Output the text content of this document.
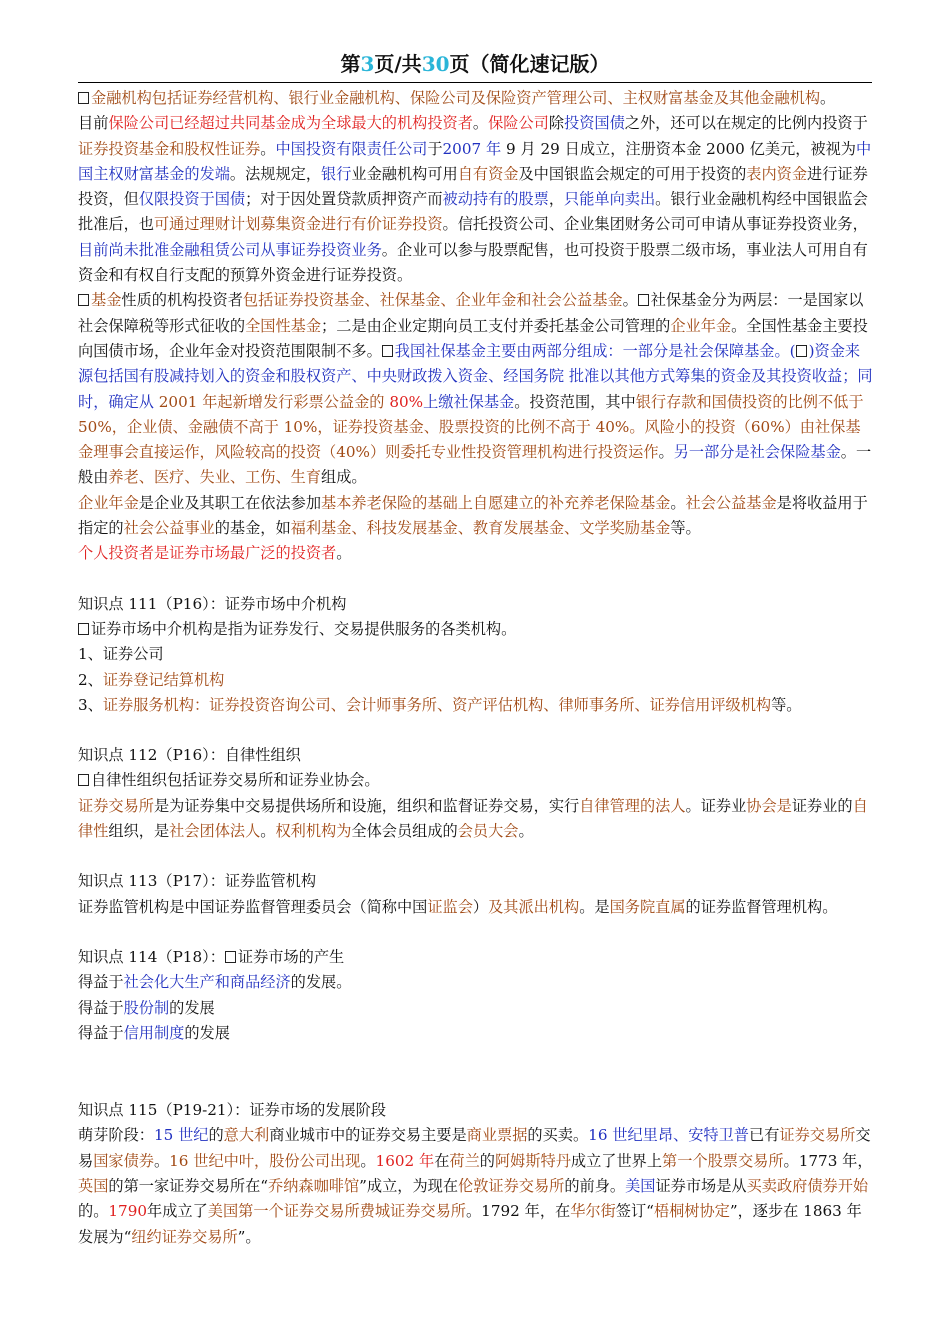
第3页/共30页（简化速记版）

金融机构包括证券经营机构、银行业金融机构、保险公司及保险资产管理公司、主权财富基金及其他金融机构。

目前保险公司已经超过共同基金成为全球最大的机构投资者。保险公司除投资国债之外，还可以在规定的比例内投资于证券投资基金和股权性证券。中国投资有限责任公司于2007 年 9 月 29 日成立，注册资本金 2000 亿美元，被视为中国主权财富基金的发端。法规规定，银行业金融机构可用自有资金及中国银监会规定的可用于投资的表内资金进行证券投资，但仅限投资于国债；对于因处置贷款质押资产而被动持有的股票，只能单向卖出。银行业金融机构经中国银监会批准后，也可通过理财计划募集资金进行有价证券投资。信托投资公司、企业集团财务公司可申请从事证券投资业务，目前尚未批准金融租赁公司从事证券投资业务。企业可以参与股票配售，也可投资于股票二级市场，事业法人可用自有资金和有权自行支配的预算外资金进行证券投资。

基金性质的机构投资者包括证券投资基金、社保基金、企业年金和社会公益基金。 社保基金分为两层：一是国家以社会保障税等形式征收的全国性基金；二是由企业定期向员工支付并委托基金公司管理的企业年金。全国性基金主要投向国债市场，企业年金对投资范围限制不多。 我国社保基金主要由两部分组成：一部分是社会保障基金。( )资金来源包括国有股减持划入的资金和股权资产、中央财政拨入资金、经国务院 批准以其他方式筹集的资金及其投资收益；同时，确定从 2001 年起新增发行彩票公益金的 80%上缴社保基金。投资范围，其中银行存款和国债投资的比例不低于 50%，企业债、金融债不高于 10%，证券投资基金、股票投资的比例不高于 40%。风险小的投资（60%）由社保基金理事会直接运作，风险较高的投资（40%）则委托专业性投资管理机构进行投资运作。另一部分是社会保险基金。一般由养老、医疗、失业、工伤、生育组成。

企业年金是企业及其职工在依法参加基本养老保险的基础上自愿建立的补充养老保险基金。社会公益基金是将收益用于指定的社会公益事业的基金，如福利基金、科技发展基金、教育发展基金、文学奖励基金等。

个人投资者是证券市场最广泛的投资者。

知识点 111（P16）：证券市场中介机构

证券市场中介机构是指为证券发行、交易提供服务的各类机构。

1、证券公司

2、证券登记结算机构

3、证券服务机构：证券投资咨询公司、会计师事务所、资产评估机构、律师事务所、证券信用评级机构等。

知识点 112（P16）：自律性组织

自律性组织包括证券交易所和证券业协会。

证券交易所是为证券集中交易提供场所和设施，组织和监督证券交易，实行自律管理的法人。证券业协会是证券业的自律性组织，是社会团体法人。权利机构为全体会员组成的会员大会。

知识点 113（P17）：证券监管机构

证券监管机构是中国证券监督管理委员会（简称中国证监会）及其派出机构。是国务院直属的证券监督管理机构。

知识点 114（P18）： 证券市场的产生

得益于社会化大生产和商品经济的发展。

得益于股份制的发展

得益于信用制度的发展

知识点 115（P19-21）：证券市场的发展阶段

萌芽阶段：15 世纪的意大利商业城市中的证券交易主要是商业票据的买卖。16 世纪里昂、安特卫普已有证券交易所交易国家债券。16 世纪中叶，股份公司出现。1602 年在荷兰的阿姆斯特丹成立了世界上第一个股票交易所。1773 年，英国的第一家证券交易所在“乔纳森咖啡馆”成立，为现在伦敦证券交易所的前身。美国证券市场是从买卖政府债券开始的。1790年成立了美国第一个证券交易所费城证券交易所。1792 年，在华尔街签订“梧桐树协定”，逐步在 1863 年发展为“纽约证券交易所”。
